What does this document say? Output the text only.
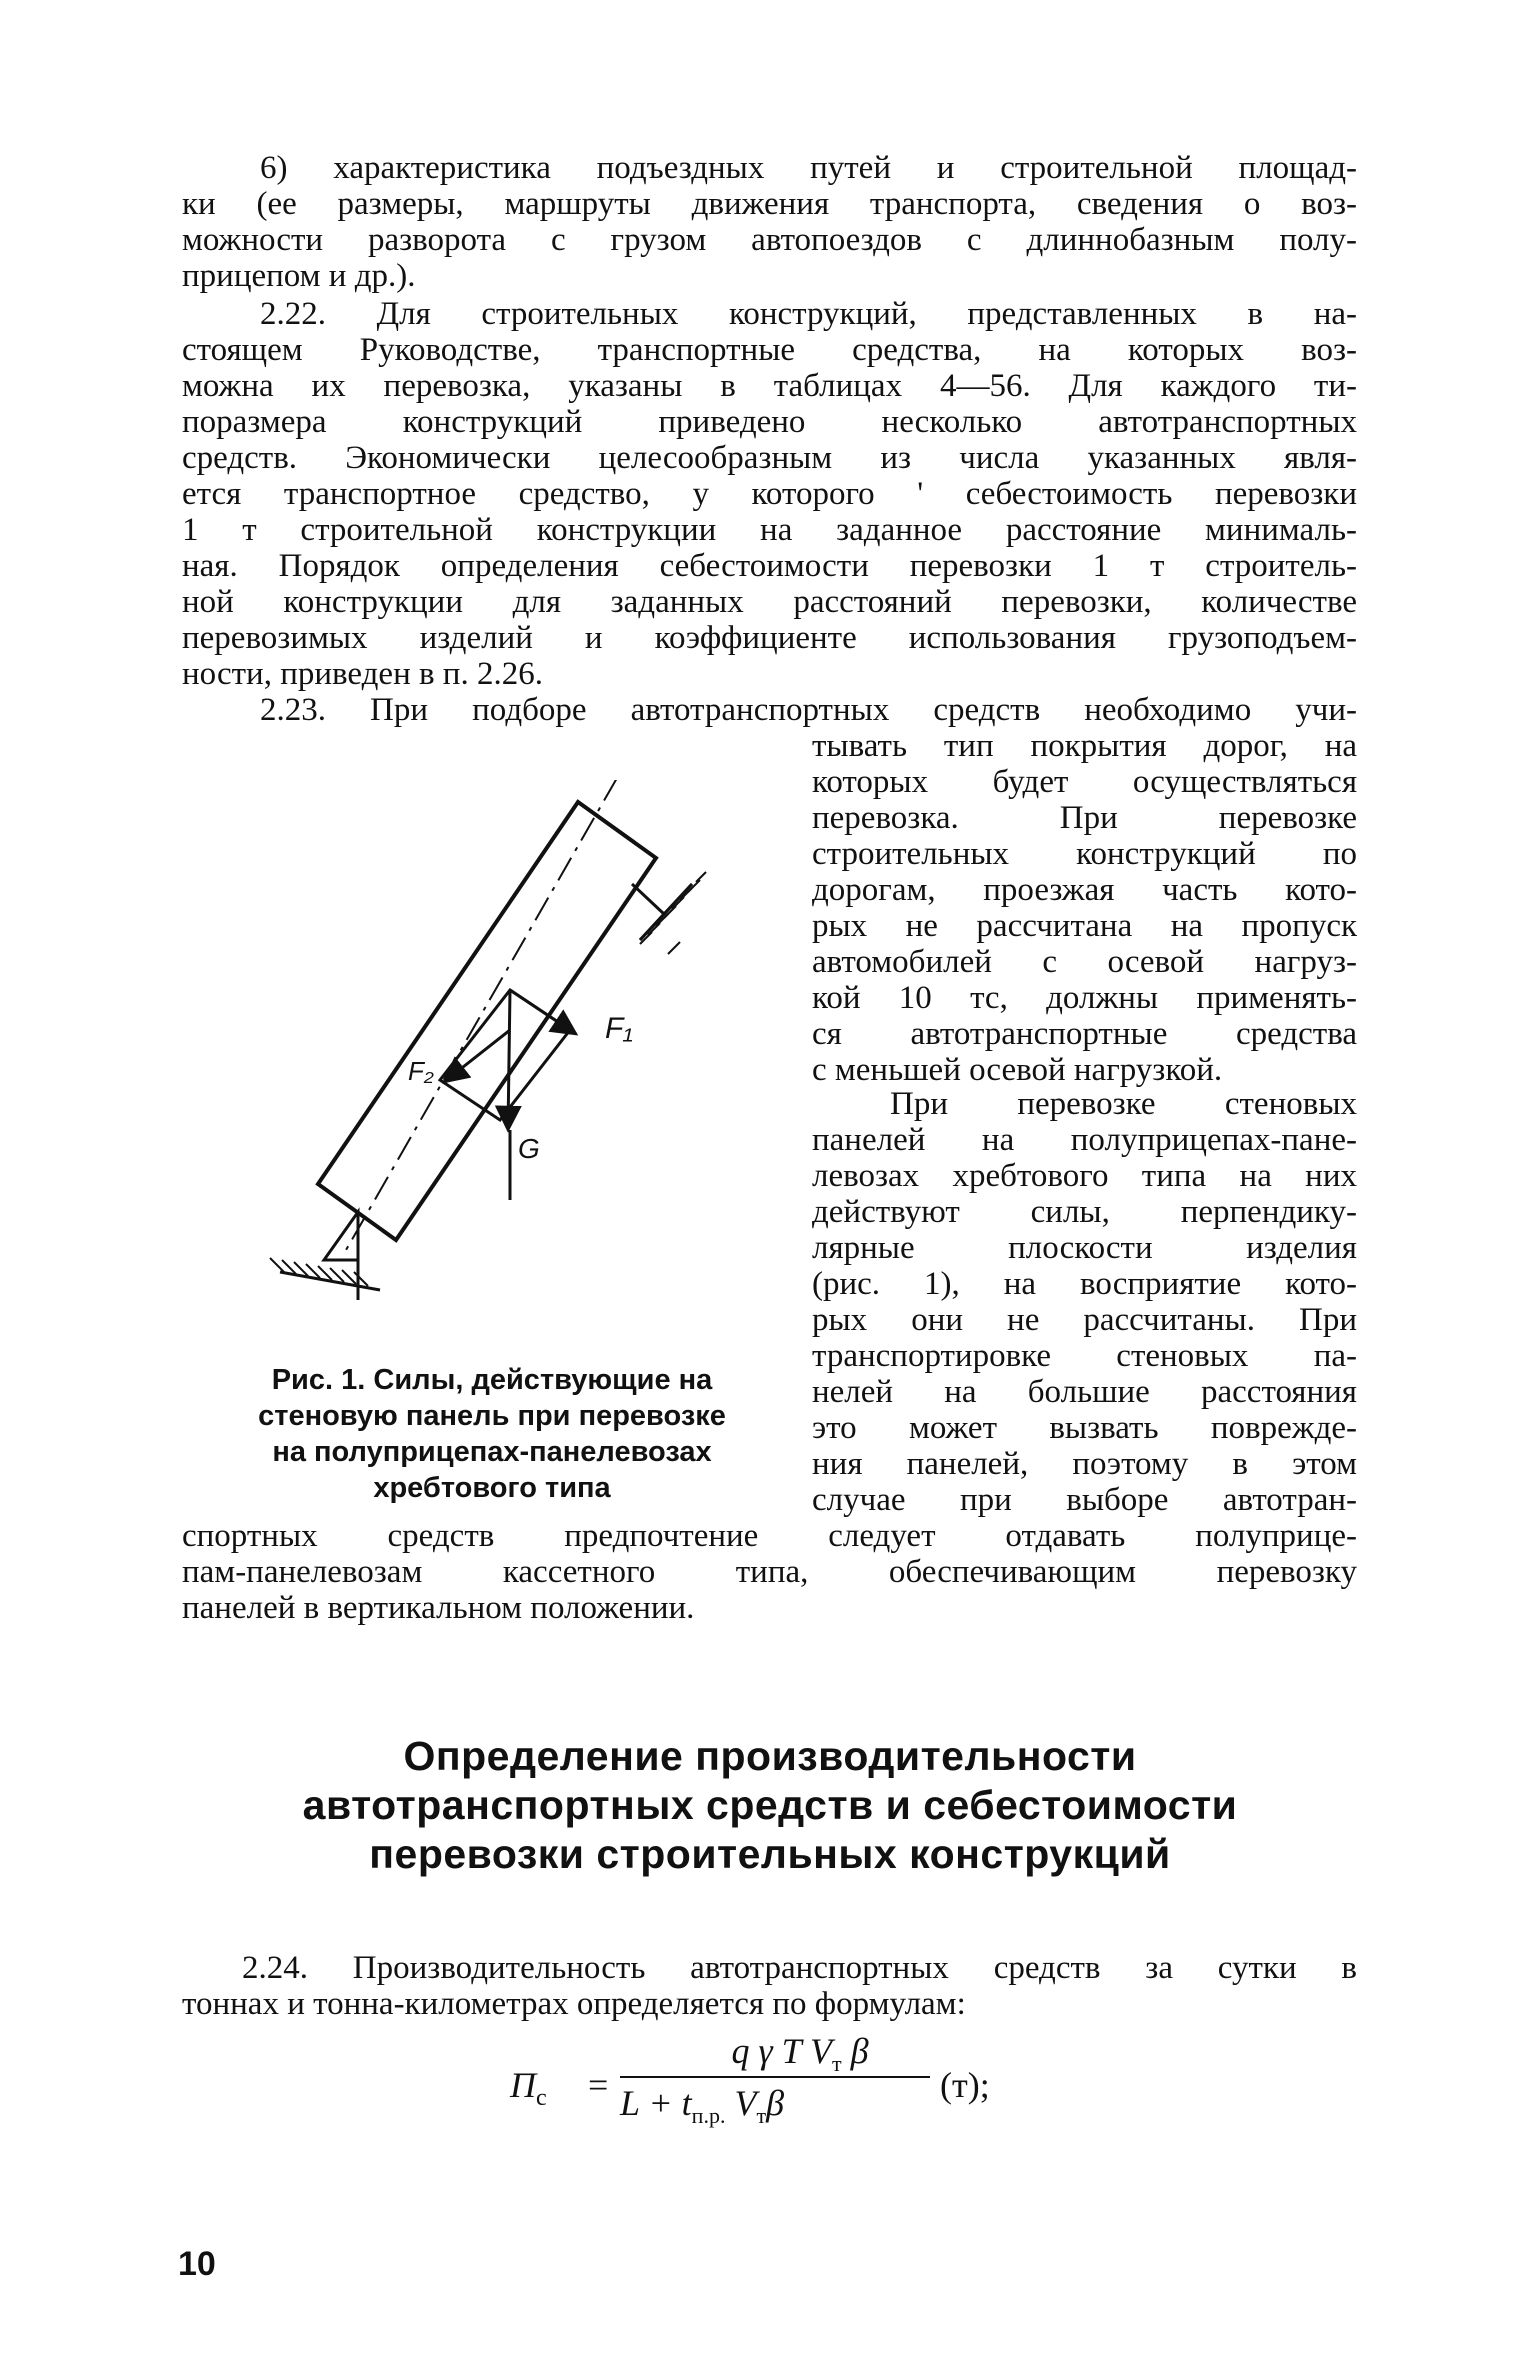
6) характеристика подъездных путей и строительной площад-
ки (ее размеры, маршруты движения транспорта, сведения о воз-
можности разворота с грузом автопоездов с длиннобазным полу-
прицепом и др.).
2.22. Для строительных конструкций, представленных в на-
стоящем Руководстве, транспортные средства, на которых воз-
можна их перевозка, указаны в таблицах 4—56. Для каждого ти-
поразмера конструкций приведено несколько автотранспортных
средств. Экономически целесообразным из числа указанных явля-
ется транспортное средство, у которого ' себестоимость перевозки
1 т строительной конструкции на заданное расстояние минималь-
ная. Порядок определения себестоимости перевозки 1 т строитель-
ной конструкции для заданных расстояний перевозки, количестве
перевозимых изделий и коэффициенте использования грузоподъем-
ности, приведен в п. 2.26.
2.23. При подборе автотранспортных средств необходимо учи-
тывать тип покрытия дорог, на
которых будет осуществляться
перевозка. При перевозке
строительных конструкций по
дорогам, проезжая часть кото-
рых не рассчитана на пропуск
автомобилей с осевой нагруз-
кой 10 тс, должны применять-
ся автотранспортные средства
с меньшей осевой нагрузкой.
При перевозке стеновых
панелей на полуприцепах-пане-
левозах хребтового типа на них
действуют силы, перпендику-
лярные плоскости изделия
(рис. 1), на восприятие кото-
рых они не рассчитаны. При
транспортировке стеновых па-
нелей на большие расстояния
это может вызвать поврежде-
ния панелей, поэтому в этом
случае при выборе автотран-
спортных средств предпочтение следует отдавать полуприце-
пам-панелевозам кассетного типа, обеспечивающим перевозку
панелей в вертикальном положении.
F₁
F₂
G
Рис. 1. Силы, действующие на
стеновую панель при перевозке
на полуприцепах-панелевозах
хребтового типа
Определение производительности
автотранспортных средств и себестоимости
перевозки строительных конструкций
2.24. Производительность автотранспортных средств за сутки в
тоннах и тонна-километрах определяется по формулам:
$П_с$ =
q γ T $V_т$ β
$L + t_{п.р.}$ $V_т\beta$	(т);
10
